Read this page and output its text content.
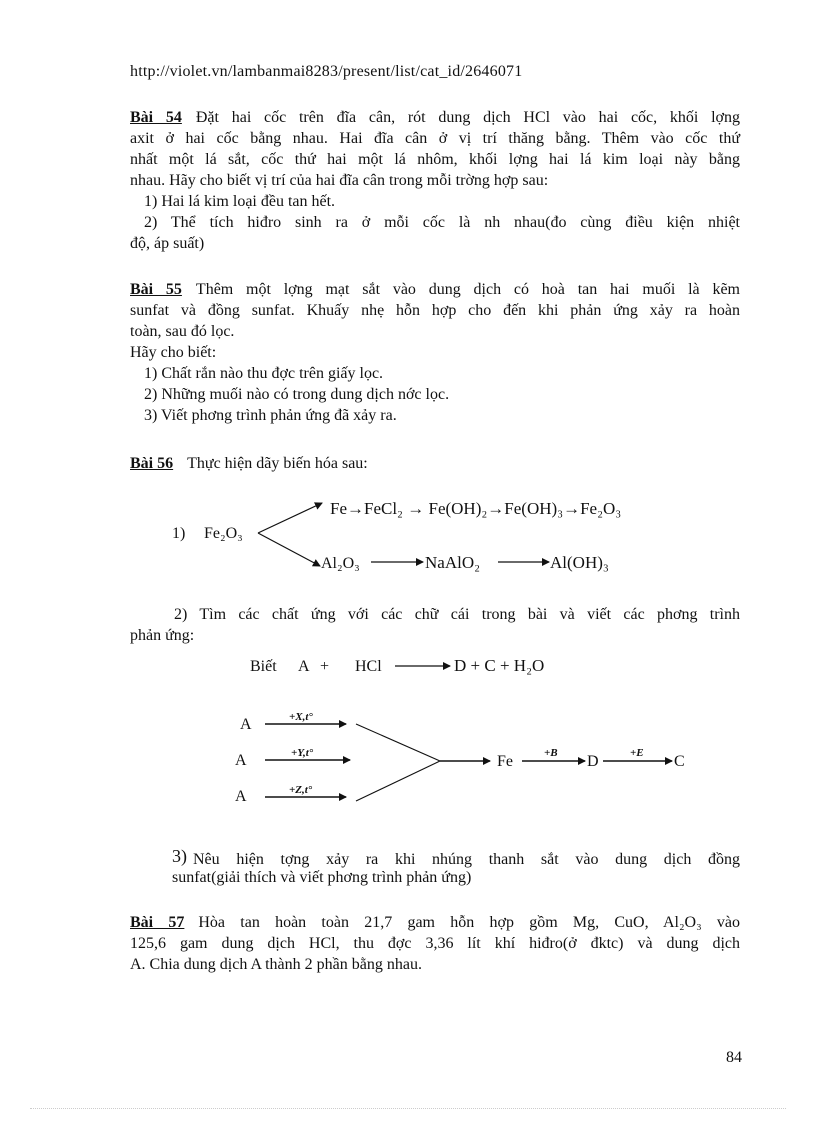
http://violet.vn/lambanmai8283/present/list/cat_id/2646071
Bài 54 Đặt hai cốc trên đĩa cân, rót dung dịch HCl vào hai cốc, khối lợng
axit ở hai cốc bằng nhau. Hai đĩa cân ở vị trí thăng bằng. Thêm vào cốc thứ
nhất một lá sắt, cốc thứ hai một lá nhôm, khối lợng hai lá kim loại này bằng
nhau. Hãy cho biết vị trí của hai đĩa cân trong mỗi trờng hợp sau:
1) Hai lá kim loại đều tan hết.
2) Thể tích hiđro sinh ra ở mỗi cốc là nh nhau(đo cùng điều kiện nhiệt
độ, áp suất)
Bài 55 Thêm một lợng mạt sắt vào dung dịch có hoà tan hai muối là kẽm
sunfat và đồng sunfat. Khuấy nhẹ hỗn hợp cho đến khi phản ứng xảy ra hoàn
toàn, sau đó lọc.
Hãy cho biết:
1) Chất rắn nào thu đợc trên giấy lọc.
2) Những muối nào có trong dung dịch nớc lọc.
3) Viết phơng trình phản ứng đã xảy ra.
Bài 56 Thực hiện dãy biến hóa sau:
1) Fe₂O₃
Fe→FeCl₂ → Fe(OH)₂→Fe(OH)₃→Fe₂O₃
Al₂O₃	NaAlO₂	Al(OH)₃
Biết A + HCl	D + C + H₂O
A
A
A
+X,t°
+Y,t°
+Z,t°
Fe	+B D	+E C
2) Tìm các chất ứng với các chữ cái trong bài và viết các phơng trình
phản ứng:
3) Nêu hiện tợng xảy ra khi nhúng thanh sắt vào dung dịch đồng
sunfat(giải thích và viết phơng trình phản ứng)
Bài 57 Hòa tan hoàn toàn 21,7 gam hỗn hợp gồm Mg, CuO, Al₂O₃ vào
125,6 gam dung dịch HCl, thu đợc 3,36 lít khí hiđro(ở đktc) và dung dịch
A. Chia dung dịch A thành 2 phần bằng nhau.
84
